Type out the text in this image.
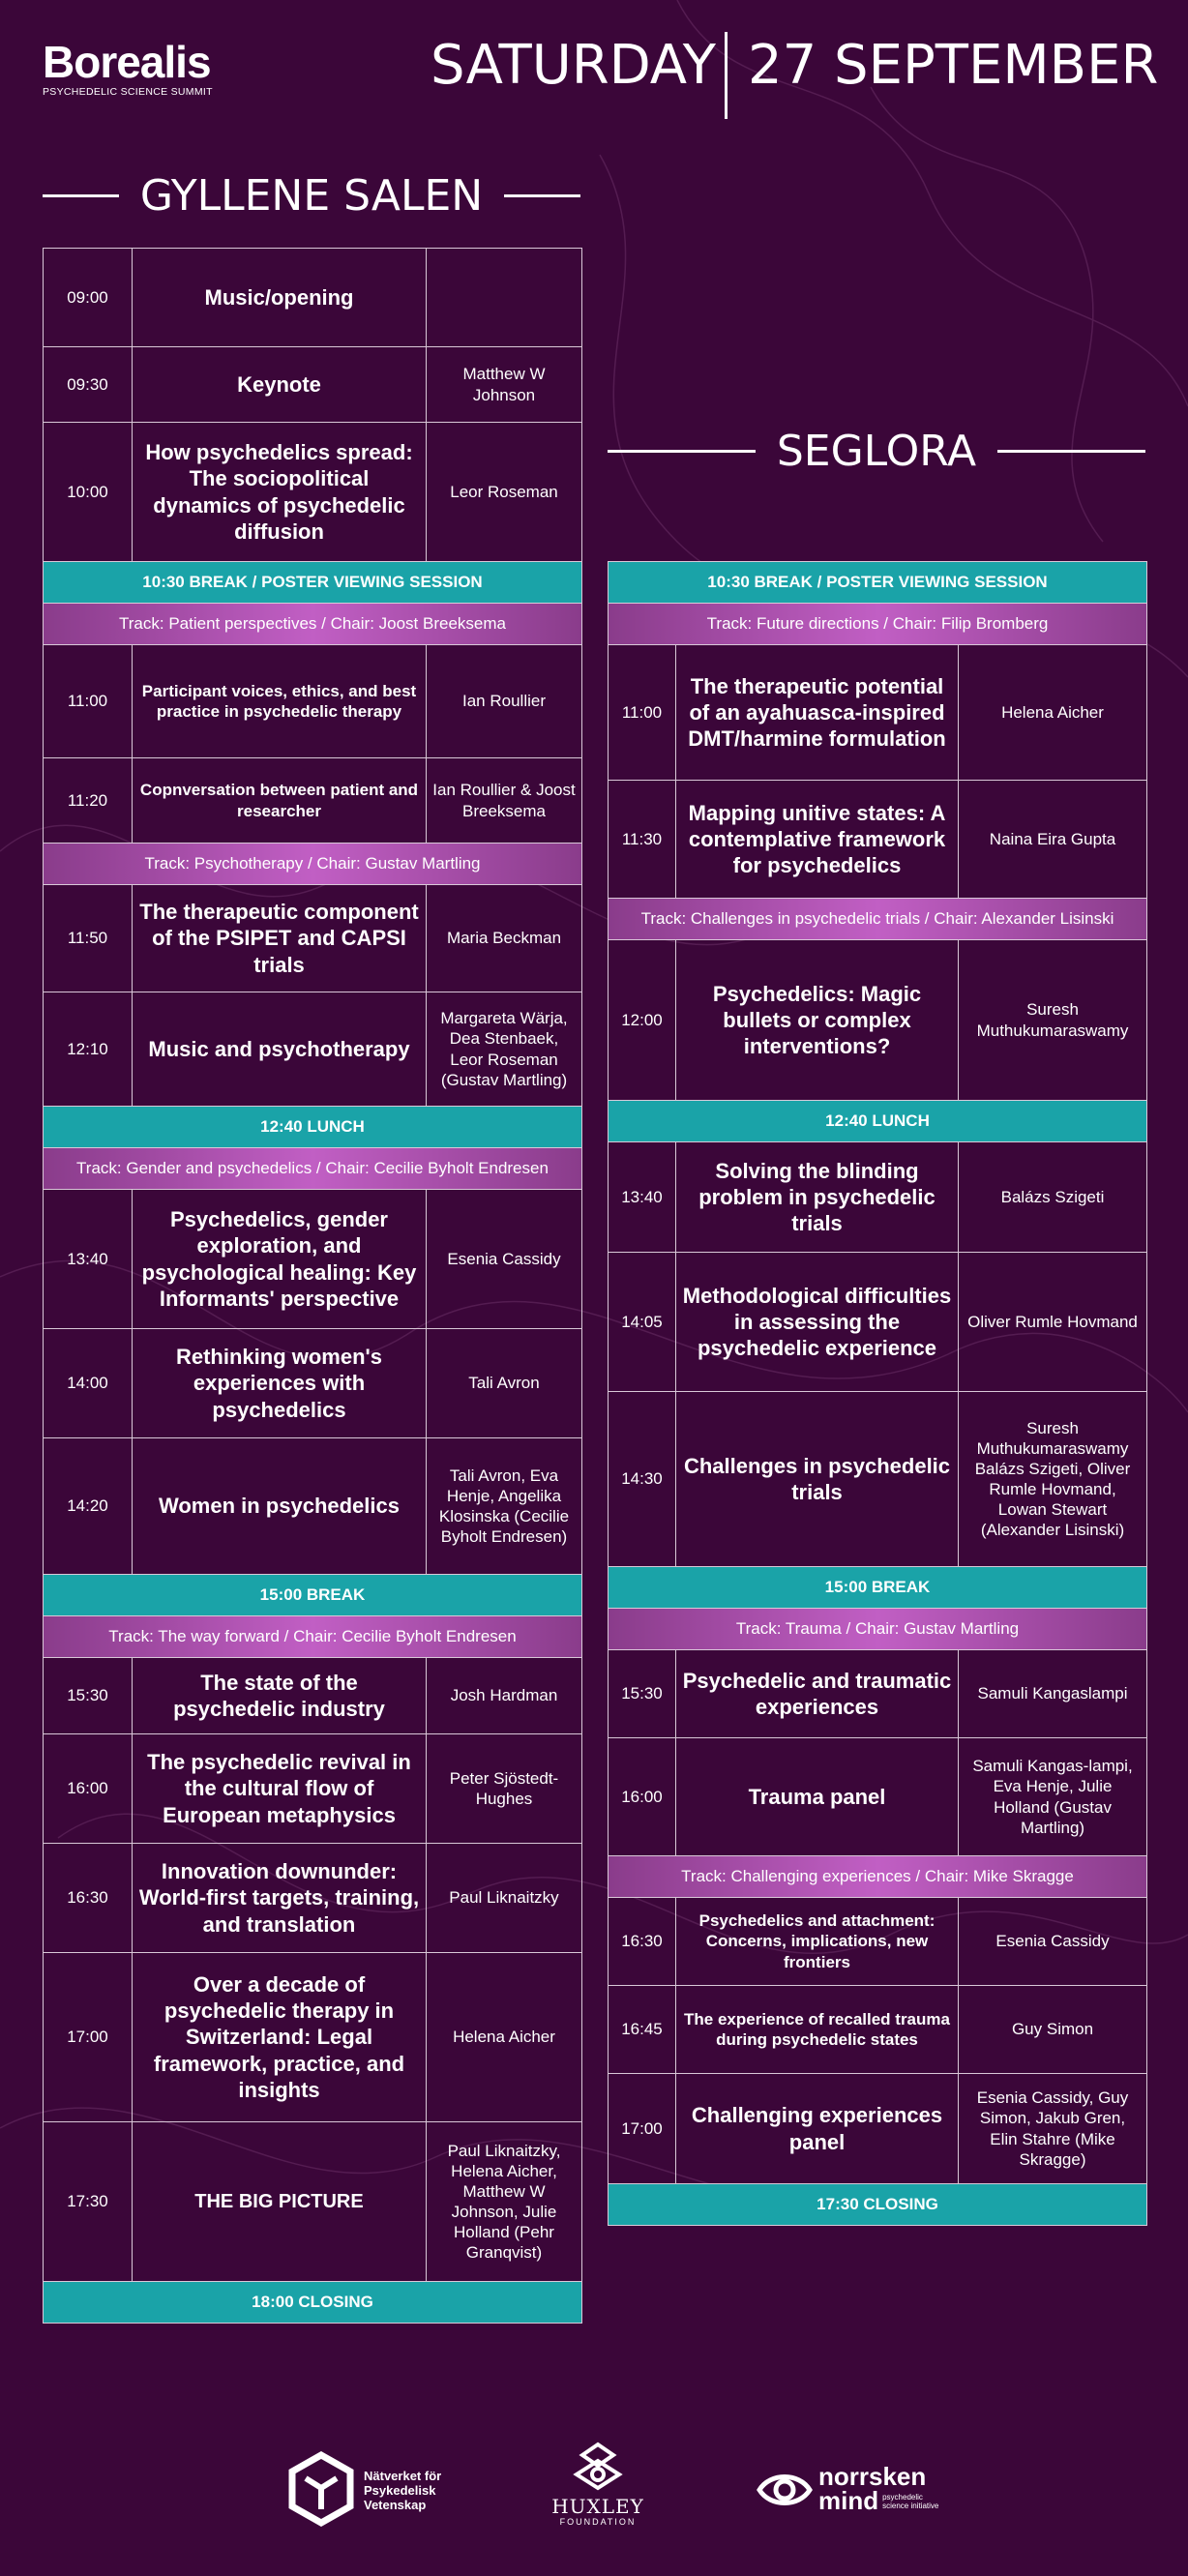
Borealis
PSYCHEDELIC SCIENCE SUMMIT	SATURDAY 27 SEPTEMBER
GYLLENE SALEN
SEGLORA
09:00	Music/opening	
09:30	Keynote	Matthew W Johnson
10:00	How psychedelics spread: The sociopolitical dynamics of psychedelic diffusion	Leor Roseman
10:30 BREAK / POSTER VIEWING SESSION		
Track: Patient perspectives / Chair: Joost Breeksema		
11:00	Participant voices, ethics, and best practice in psychedelic therapy	Ian Roullier
11:20	Copnversation between patient and researcher	Ian Roullier & Joost Breeksema
Track: Psychotherapy / Chair: Gustav Martling		
11:50	The therapeutic component of the PSIPET and CAPSI trials	Maria Beckman
12:10	Music and psychotherapy	Margareta Wärja, Dea Stenbaek, Leor Roseman (Gustav Martling)
12:40 LUNCH		
Track: Gender and psychedelics / Chair: Cecilie Byholt Endresen		
13:40	Psychedelics, gender exploration, and psychological healing: Key Informants' perspective	Esenia Cassidy
14:00	Rethinking women's experiences with psychedelics	Tali Avron
14:20	Women in psychedelics	Tali Avron, Eva Henje, Angelika Klosinska (Cecilie Byholt Endresen)
15:00 BREAK		
Track: The way forward / Chair: Cecilie Byholt Endresen		
15:30	The state of the psychedelic industry	Josh Hardman
16:00	The psychedelic revival in the cultural flow of European metaphysics	Peter Sjöstedt-Hughes
16:30	Innovation downunder: World-first targets, training, and translation	Paul Liknaitzky
17:00	Over a decade of psychedelic therapy in Switzerland: Legal framework, practice, and insights	Helena Aicher
17:30	THE BIG PICTURE	Paul Liknaitzky, Helena Aicher, Matthew W Johnson, Julie Holland (Pehr Granqvist)
18:00 CLOSING		
10:30 BREAK / POSTER VIEWING SESSION		
Track: Future directions / Chair: Filip Bromberg		
11:00	The therapeutic potential of an ayahuasca-inspired DMT/harmine formulation	Helena Aicher
11:30	Mapping unitive states: A contemplative framework for psychedelics	Naina Eira Gupta
Track: Challenges in psychedelic trials / Chair: Alexander Lisinski		
12:00	Psychedelics: Magic bullets or complex interventions?	Suresh Muthukumaraswamy
12:40 LUNCH		
13:40	Solving the blinding problem in psychedelic trials	Balázs Szigeti
14:05	Methodological difficulties in assessing the psychedelic experience	Oliver Rumle Hovmand
14:30	Challenges in psychedelic trials	Suresh Muthukumaraswamy Balázs Szigeti, Oliver Rumle Hovmand, Lowan Stewart (Alexander Lisinski)
15:00 BREAK		
Track: Trauma / Chair: Gustav Martling		
15:30	Psychedelic and traumatic experiences	Samuli Kangaslampi
16:00	Trauma panel	Samuli Kangas-lampi, Eva Henje, Julie Holland (Gustav Martling)
Track: Challenging experiences / Chair: Mike Skragge		
16:30	Psychedelics and attachment: Concerns, implications, new frontiers	Esenia Cassidy
16:45	The experience of recalled trauma during psychedelic states	Guy Simon
17:00	Challenging experiences panel	Esenia Cassidy, Guy Simon, Jakub Gren, Elin Stahre (Mike Skragge)
17:30 CLOSING		
Nätverket för
Psykedelisk
Vetenskap	HUXLEY
FOUNDATION
norrsken
mind psychedelic
science initiative
